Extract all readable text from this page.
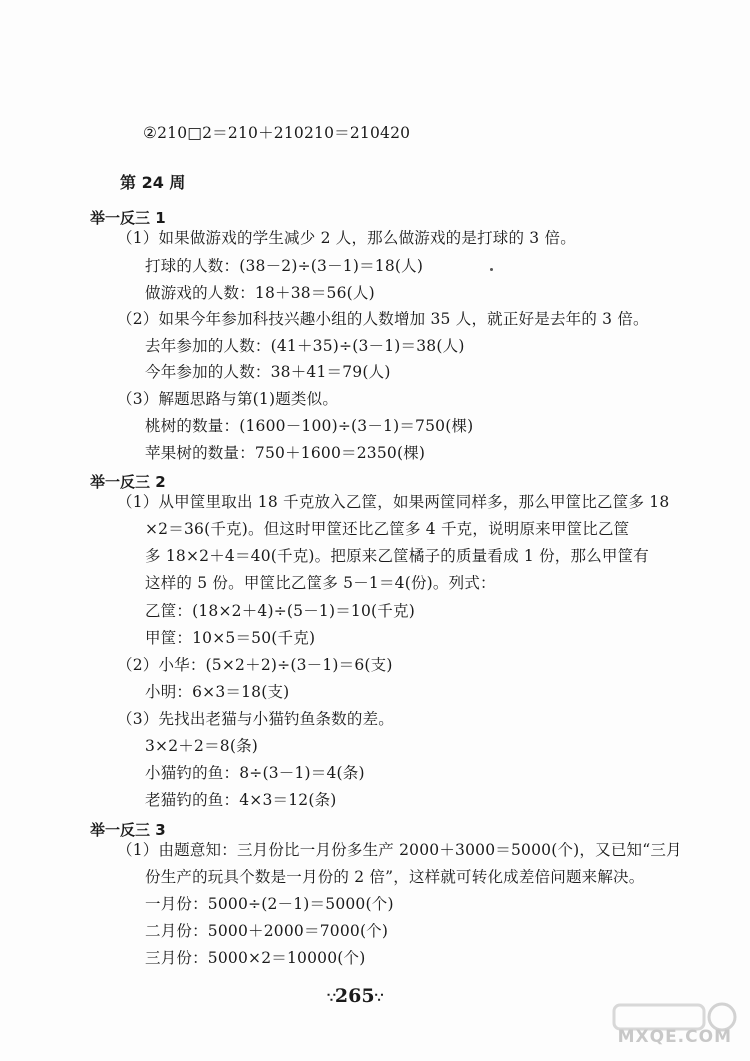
②210□2＝210＋210210＝210420
第 24 周
举一反三 1
（1）如果做游戏的学生减少 2 人，那么做游戏的是打球的 3 倍。
打球的人数：(38－2)÷(3－1)＝18(人)
做游戏的人数：18＋38＝56(人)
（2）如果今年参加科技兴趣小组的人数增加 35 人，就正好是去年的 3 倍。
去年参加的人数：(41＋35)÷(3－1)＝38(人)
今年参加的人数：38＋41＝79(人)
（3）解题思路与第(1)题类似。
桃树的数量：(1600－100)÷(3－1)＝750(棵)
苹果树的数量：750＋1600＝2350(棵)
举一反三 2
（1）从甲筐里取出 18 千克放入乙筐，如果两筐同样多，那么甲筐比乙筐多 18
×2＝36(千克)。但这时甲筐还比乙筐多 4 千克，说明原来甲筐比乙筐
多 18×2＋4＝40(千克)。把原来乙筐橘子的质量看成 1 份，那么甲筐有
这样的 5 份。甲筐比乙筐多 5－1＝4(份)。列式：
乙筐：(18×2＋4)÷(5－1)＝10(千克)
甲筐：10×5＝50(千克)
（2）小华：(5×2＋2)÷(3－1)＝6(支)
小明：6×3＝18(支)
（3）先找出老猫与小猫钓鱼条数的差。
3×2＋2＝8(条)
小猫钓的鱼：8÷(3－1)＝4(条)
老猫钓的鱼：4×3＝12(条)
举一反三 3
（1）由题意知：三月份比一月份多生产 2000＋3000＝5000(个)，又已知“三月
份生产的玩具个数是一月份的 2 倍”，这样就可转化成差倍问题来解决。
一月份：5000÷(2－1)＝5000(个)
二月份：5000＋2000＝7000(个)
三月份：5000×2＝10000(个)
∵265∵
MXQE.COM
